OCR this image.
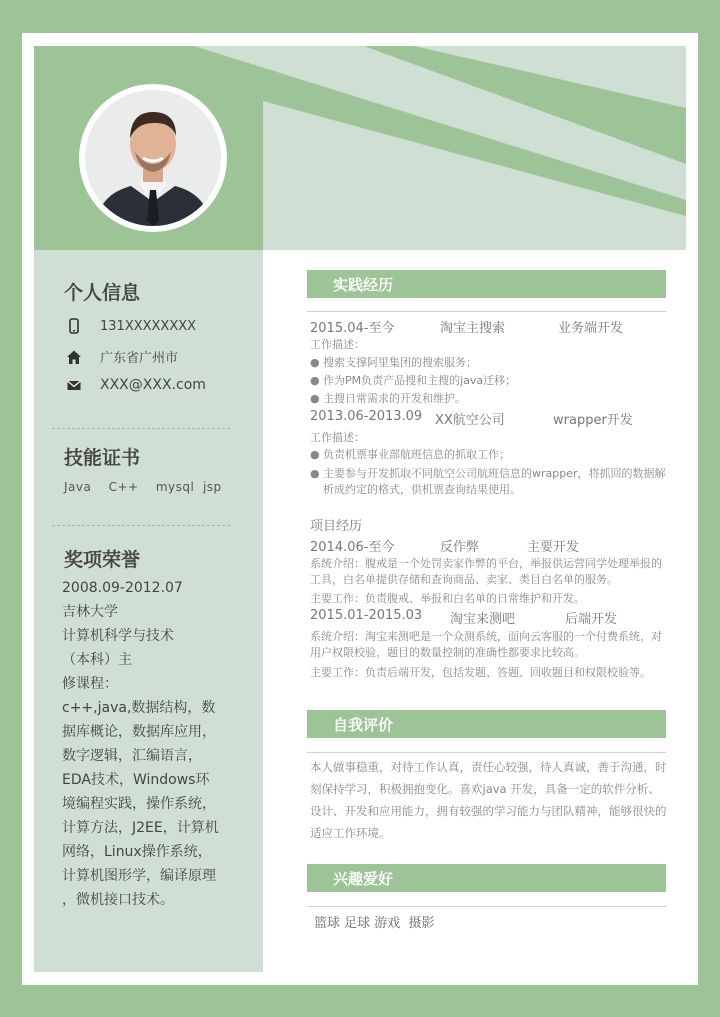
个人信息
131XXXXXXXX
广东省广州市
XXX@XXX.com
技能证书
Java    C++    mysql  jsp
奖项荣誉
2008.09-2012.07
吉林大学
计算机科学与技术
（本科）主
修课程：
c++,java,数据结构，数
据库概论，数据库应用，
数字逻辑，汇编语言，
EDA技术，Windows环
境编程实践，操作系统，
计算方法，J2EE，计算机
网络，Linux操作系统，
计算机图形学，编译原理
，微机接口技术。
实践经历
2015.04-至今	淘宝主搜索	业务端开发
工作描述：
● 搜索支撑阿里集团的搜索服务；
● 作为PM负责产品搜和主搜的java迁移；
● 主搜日常需求的开发和维护。
2013.06-2013.09 XX航空公司	wrapper开发
工作描述：
● 负责机票事业部航班信息的抓取工作；
● 主要参与开发抓取不同航空公司航班信息的wrapper，将抓回的数据解析成约定的格式，供机票查询结果使用。
项目经历
2014.06-至今	反作弊	主要开发
系统介绍：腹戒是一个处罚卖家作弊的平台，举报供运营同学处理举报的工具，白名单提供存储和查询商品、卖家、类目白名单的服务。
主要工作：负责腹戒、举报和白名单的日常维护和开发。
2015.01-2015.03	淘宝来测吧	后端开发
系统介绍：淘宝来测吧是一个众测系统，面向云客服的一个付费系统，对用户权限校验，题目的数量控制的准确性都要求比较高。
主要工作：负责后端开发，包括发题、答题、回收题目和权限校验等。
自我评价
本人做事稳重，对待工作认真，责任心较强，待人真诚，善于沟通，时刻保持学习，积极拥抱变化。喜欢java 开发，具备一定的软件分析、设计、开发和应用能力，拥有较强的学习能力与团队精神，能够很快的适应工作环境。
兴趣爱好
篮球 足球 游戏  摄影
